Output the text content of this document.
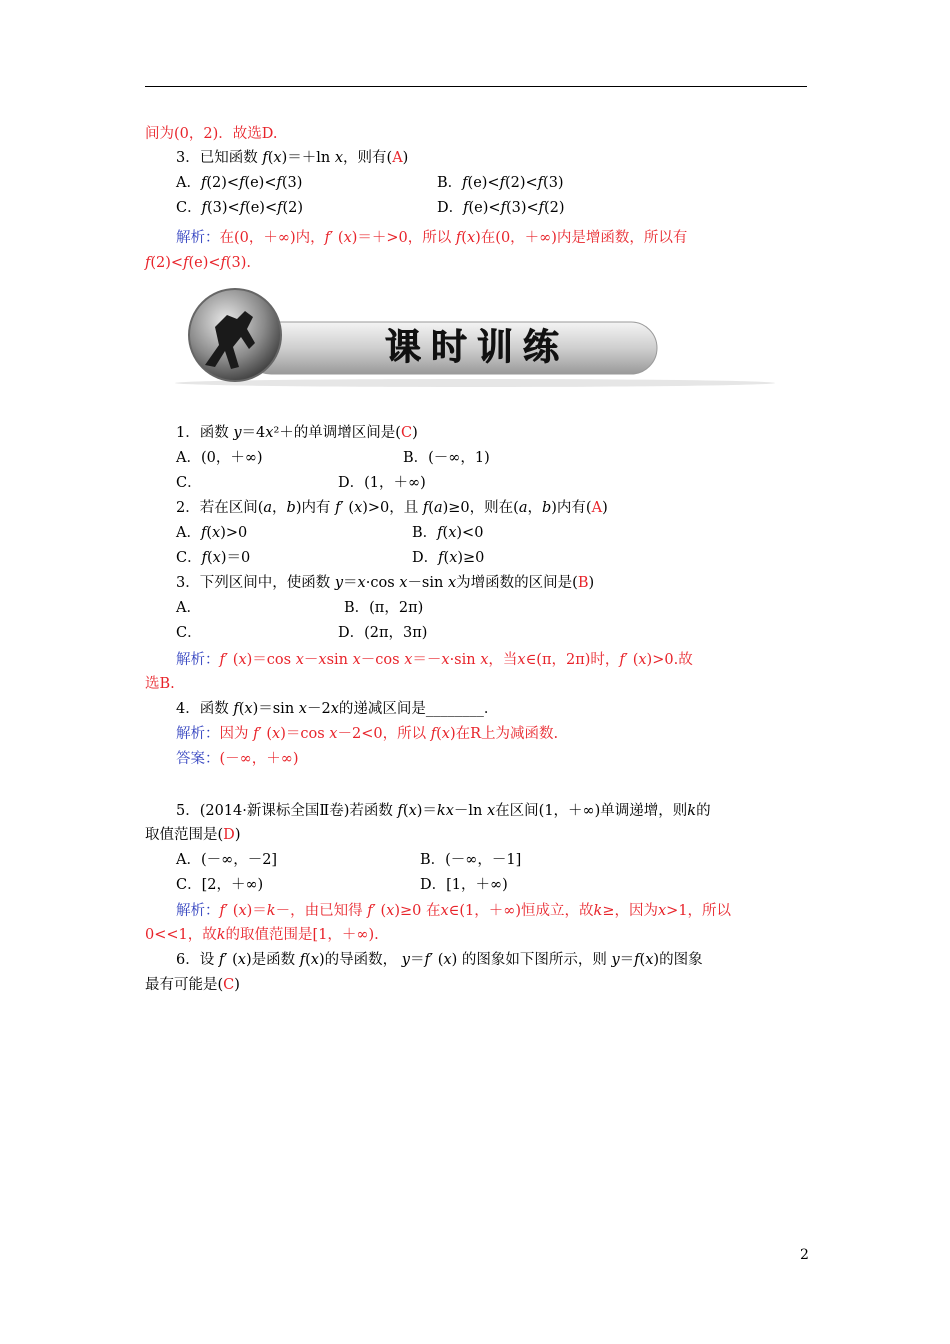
课时训练
间为(0，2)．故选D.
3．已知函数 f(x)＝＋ln x，则有(A)
A．f(2)<f(e)<f(3)	B．f(e)<f(2)<f(3)
C．f(3)<f(e)<f(2)	D．f(e)<f(3)<f(2)
解析：在(0，＋∞)内，f′ (x)＝＋>0，所以 f(x)在(0，＋∞)内是增函数，所以有
f(2)<f(e)<f(3).
1．函数 y＝4x²＋的单调增区间是(C)
A．(0，＋∞)	B．(－∞，1)
C．	D．(1，＋∞)
2．若在区间(a，b)内有 f′ (x)>0，且 f(a)≥0，则在(a，b)内有(A)
A．f(x)>0	B．f(x)<0
C．f(x)＝0	D．f(x)≥0
3．下列区间中，使函数 y＝x·cos x－sin x为增函数的区间是(B)
A．	B．(π，2π)
C．	D．(2π，3π)
解析：f′ (x)＝cos x－xsin x－cos x＝－x·sin x，当x∈(π，2π)时，f′ (x)>0.故
选B.
4．函数 f(x)＝sin x－2x的递减区间是________．
解析：因为 f′ (x)＝cos x－2<0，所以 f(x)在R上为减函数.
答案：(－∞，＋∞)
5．(2014·新课标全国Ⅱ卷)若函数 f(x)＝kx－ln x在区间(1，＋∞)单调递增，则k的
取值范围是(D)
A．(－∞，－2]	B．(－∞，－1]
C．[2，＋∞)	D．[1，＋∞)
解析：f′ (x)＝k－，由已知得 f′ (x)≥0 在x∈(1，＋∞)恒成立，故k≥，因为x>1，所以
0<<1，故k的取值范围是[1，＋∞).
6．设 f′ (x)是函数 f(x)的导函数， y＝f′ (x) 的图象如下图所示，则 y＝f(x)的图象
最有可能是(C)
2
